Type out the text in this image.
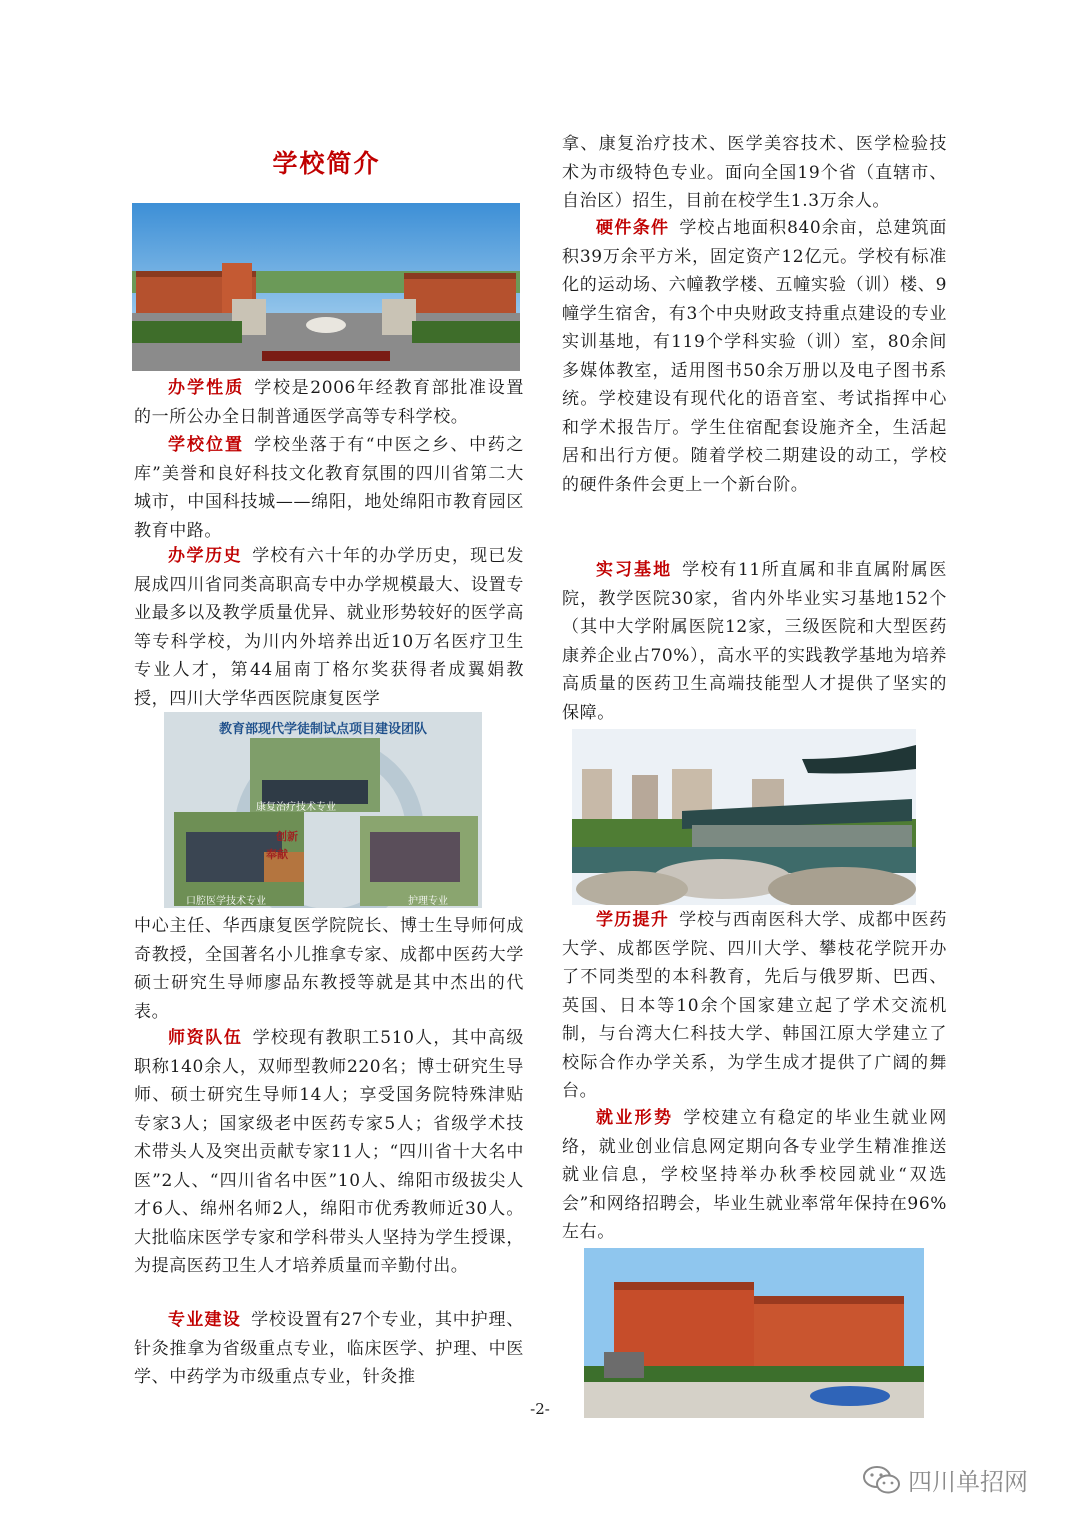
学校简介
教育部现代学徒制试点项目建设团队
康复治疗技术专业
口腔医学技术专业	护理专业
创新
奉献

办学性质 学校是2006年经教育部批准设置的一所公办全日制普通医学高等专科学校。

学校位置 学校坐落于有“中医之乡、中药之库”美誉和良好科技文化教育氛围的四川省第二大城市，中国科技城——绵阳，地处绵阳市教育园区教育中路。

办学历史 学校有六十年的办学历史，现已发展成四川省同类高职高专中办学规模最大、设置专业最多以及教学质量优异、就业形势较好的医学高等专科学校，为川内外培养出近10万名医疗卫生专业人才，第44届南丁格尔奖获得者成翼娟教授，四川大学华西医院康复医学

中心主任、华西康复医学院院长、博士生导师何成奇教授，全国著名小儿推拿专家、成都中医药大学硕士研究生导师廖品东教授等就是其中杰出的代表。

师资队伍 学校现有教职工510人，其中高级职称140余人，双师型教师220名；博士研究生导师、硕士研究生导师14人；享受国务院特殊津贴专家3人；国家级老中医药专家5人；省级学术技术带头人及突出贡献专家11人；“四川省十大名中医”2人、“四川省名中医”10人、绵阳市级拔尖人才6人、绵州名师2人，绵阳市优秀教师近30人。大批临床医学专家和学科带头人坚持为学生授课，为提高医药卫生人才培养质量而辛勤付出。

专业建设 学校设置有27个专业，其中护理、针灸推拿为省级重点专业，临床医学、护理、中医学、中药学为市级重点专业，针灸推

拿、康复治疗技术、医学美容技术、医学检验技术为市级特色专业。面向全国19个省（直辖市、自治区）招生，目前在校学生1.3万余人。

硬件条件 学校占地面积840余亩，总建筑面积39万余平方米，固定资产12亿元。学校有标准化的运动场、六幢教学楼、五幢实验（训）楼、9幢学生宿舍，有3个中央财政支持重点建设的专业实训基地，有119个学科实验（训）室，80余间多媒体教室，适用图书50余万册以及电子图书系统。学校建设有现代化的语音室、考试指挥中心和学术报告厅。学生住宿配套设施齐全，生活起居和出行方便。随着学校二期建设的动工，学校的硬件条件会更上一个新台阶。

实习基地 学校有11所直属和非直属附属医院，教学医院30家，省内外毕业实习基地152个（其中大学附属医院12家，三级医院和大型医药康养企业占70%），高水平的实践教学基地为培养高质量的医药卫生高端技能型人才提供了坚实的保障。

学历提升 学校与西南医科大学、成都中医药大学、成都医学院、四川大学、攀枝花学院开办了不同类型的本科教育，先后与俄罗斯、巴西、英国、日本等10余个国家建立起了学术交流机制，与台湾大仁科技大学、韩国江原大学建立了校际合作办学关系，为学生成才提供了广阔的舞台。

就业形势 学校建立有稳定的毕业生就业网络，就业创业信息网定期向各专业学生精准推送就业信息，学校坚持举办秋季校园就业“双选会”和网络招聘会，毕业生就业率常年保持在96%左右。

-2-
四川单招网
